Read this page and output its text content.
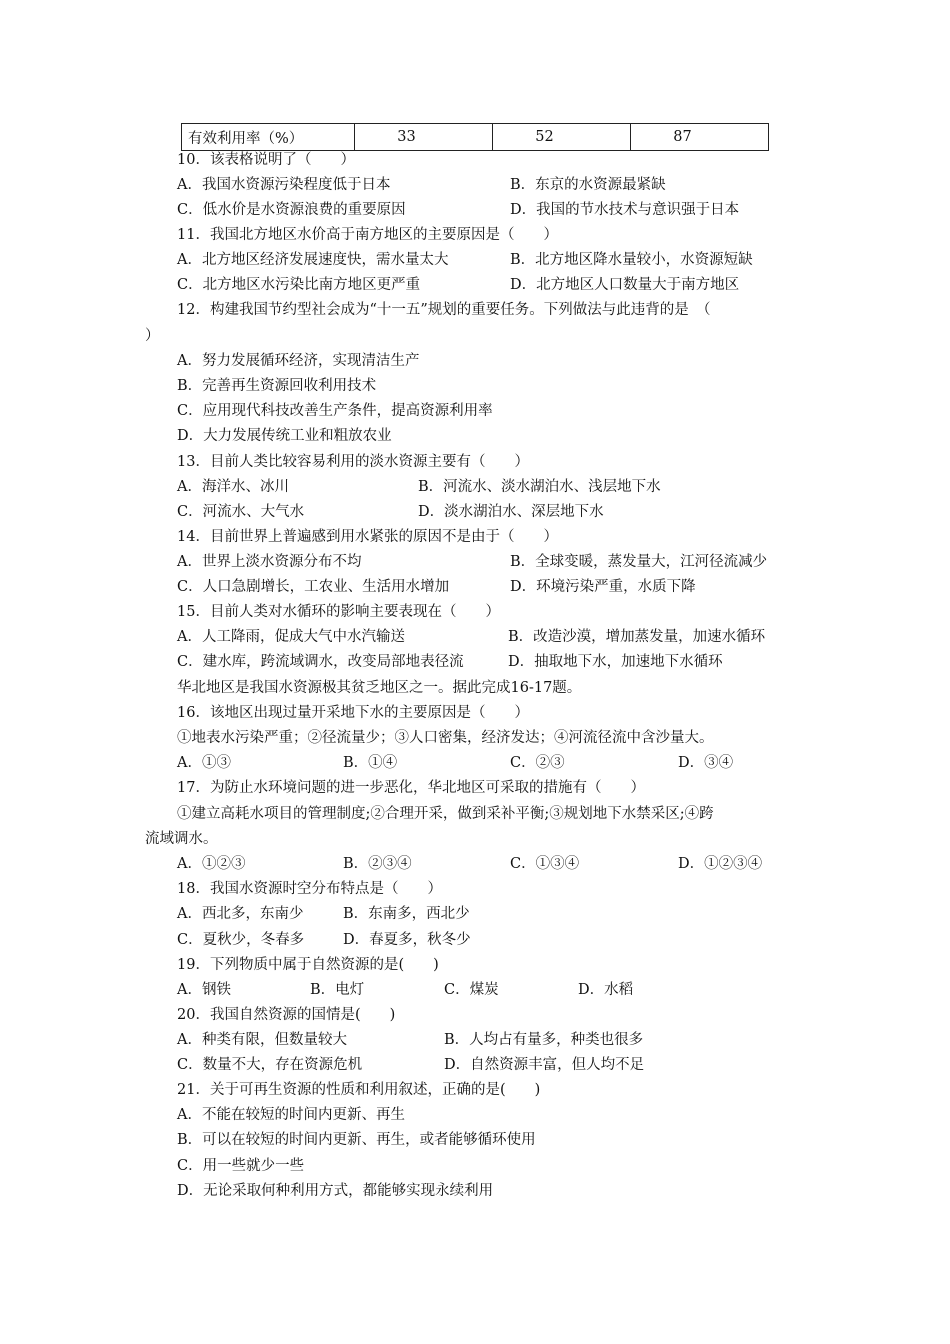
有效利用率（%）	33	52	87
10．该表格说明了（　　）
A．我国水资源污染程度低于日本	B．东京的水资源最紧缺
C．低水价是水资源浪费的重要原因	D．我国的节水技术与意识强于日本
11．我国北方地区水价高于南方地区的主要原因是（　　）
A．北方地区经济发展速度快，需水量太大	B．北方地区降水量较小，水资源短缺
C．北方地区水污染比南方地区更严重	D．北方地区人口数量大于南方地区
12．构建我国节约型社会成为“十一五”规划的重要任务。下列做法与此违背的是　（
）
A．努力发展循环经济，实现清洁生产
B．完善再生资源回收利用技术
C．应用现代科技改善生产条件，提高资源利用率
D．大力发展传统工业和粗放农业
13．目前人类比较容易利用的淡水资源主要有（　　）
A．海洋水、冰川	B．河流水、淡水湖泊水、浅层地下水
C．河流水、大气水	D．淡水湖泊水、深层地下水
14．目前世界上普遍感到用水紧张的原因不是由于（　　）
A．世界上淡水资源分布不均	B．全球变暖，蒸发量大，江河径流减少
C．人口急剧增长，工农业、生活用水增加	D．环境污染严重，水质下降
15．目前人类对水循环的影响主要表现在（　　）
A．人工降雨，促成大气中水汽输送	B．改造沙漠，增加蒸发量，加速水循环
C．建水库，跨流域调水，改变局部地表径流	D．抽取地下水，加速地下水循环
华北地区是我国水资源极其贫乏地区之一。据此完成16-17题。
16．该地区出现过量开采地下水的主要原因是（　　）
①地表水污染严重；②径流量少；③人口密集，经济发达；④河流径流中含沙量大。
A．①③	B．①④	C．②③	D．③④
17．为防止水环境问题的进一步恶化，华北地区可采取的措施有（　　）
①建立高耗水项目的管理制度;②合理开采，做到采补平衡;③规划地下水禁采区;④跨
流域调水。
A．①②③	B．②③④	C．①③④	D．①②③④
18．我国水资源时空分布特点是（　　）
A．西北多，东南少	B．东南多，西北少
C．夏秋少，冬春多	D．春夏多，秋冬少
19．下列物质中属于自然资源的是(　　)
A．钢铁	B．电灯	C．煤炭	D．水稻
20．我国自然资源的国情是(　　)
A．种类有限，但数量较大	B．人均占有量多，种类也很多
C．数量不大，存在资源危机	D．自然资源丰富，但人均不足
21．关于可再生资源的性质和利用叙述，正确的是(　　)
A．不能在较短的时间内更新、再生
B．可以在较短的时间内更新、再生，或者能够循环使用
C．用一些就少一些
D．无论采取何种利用方式，都能够实现永续利用
